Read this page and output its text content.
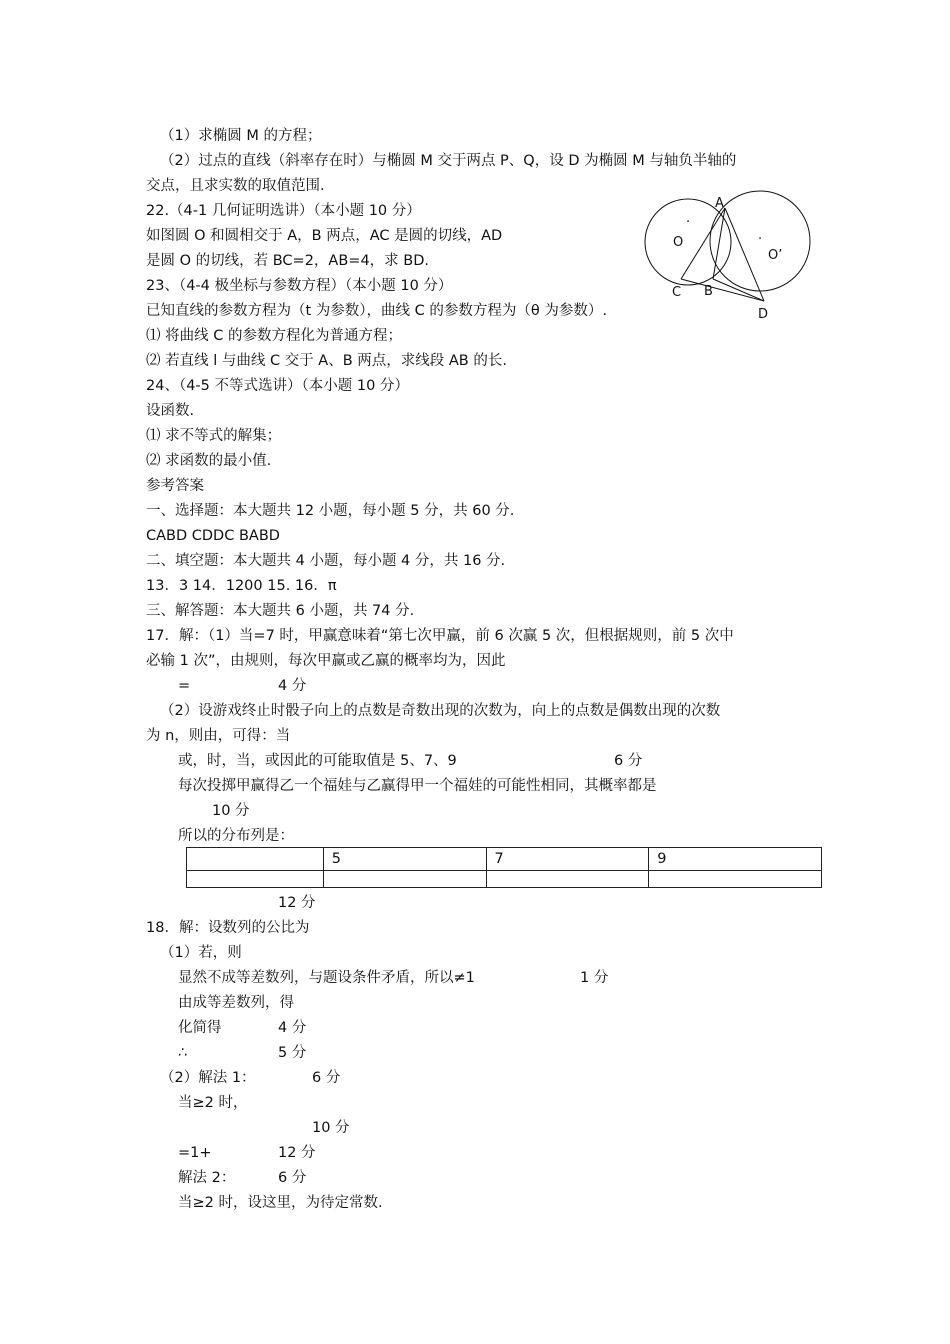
（1）求椭圆 M 的方程；
（2）过点的直线（斜率存在时）与椭圆 M 交于两点 P、Q，设 D 为椭圆 M 与轴负半轴的
交点，且求实数的取值范围.
22.（4-1 几何证明选讲）（本小题 10 分）
如图圆 O 和圆相交于 A，B 两点，AC 是圆的切线，AD
是圆 O 的切线，若 BC=2，AB=4，求 BD.
23、（4-4 极坐标与参数方程）（本小题 10 分）
已知直线的参数方程为（t 为参数），曲线 C 的参数方程为（θ 为参数）.
⑴ 将曲线 C 的参数方程化为普通方程；
⑵ 若直线 l 与曲线 C 交于 A、B 两点，求线段 AB 的长.
24、（4-5 不等式选讲）（本小题 10 分）
设函数.
⑴ 求不等式的解集；
⑵ 求函数的最小值.
参考答案
一、选择题：本大题共 12 小题，每小题 5 分，共 60 分.
CABD CDDC BABD
二、填空题：本大题共 4 小题，每小题 4 分，共 16 分.
13．3 14．1200 15. 16．π
三、解答题：本大题共 6 小题，共 74 分.
17．解：（1）当=7 时，甲赢意味着“第七次甲赢，前 6 次赢 5 次，但根据规则，前 5 次中
必输 1 次”，由规则，每次甲赢或乙赢的概率均为，因此
=	4 分
（2）设游戏终止时骰子向上的点数是奇数出现的次数为，向上的点数是偶数出现的次数
为 n，则由，可得：当
或，时，当，或因此的可能取值是 5、7、9	6 分
每次投掷甲赢得乙一个福娃与乙赢得甲一个福娃的可能性相同，其概率都是
10 分
所以的分布列是：
	5	7	9

12 分
18．解：设数列的公比为
（1）若，则
显然不成等差数列，与题设条件矛盾，所以≠1	1 分
由成等差数列，得
化简得	4 分
∴	5 分
（2）解法 1：	6 分
当≥2 时，
10 分
=1+	12 分
解法 2：	6 分
当≥2 时，设这里，为待定常数.
A
·
O	·
O’
C B
D
